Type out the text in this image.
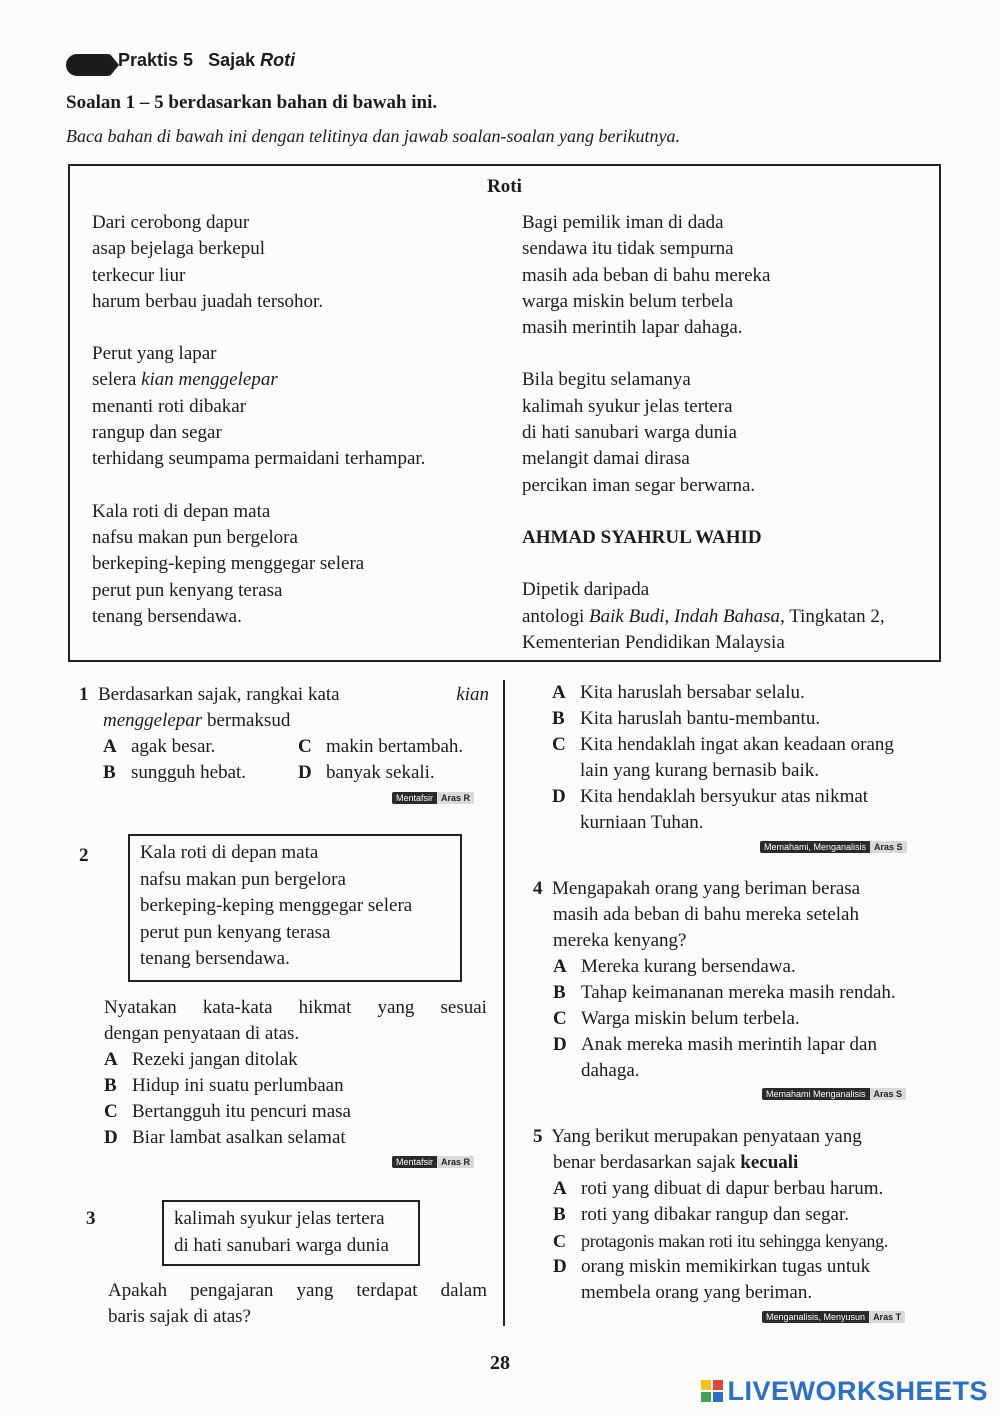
Praktis 5 Sajak Roti
Soalan 1 – 5 berdasarkan bahan di bawah ini.
Baca bahan di bawah ini dengan telitinya dan jawab soalan-soalan yang berikutnya.
Roti
Dari cerobong dapur
asap bejelaga berkepul
terkecur liur
harum berbau juadah tersohor.
Perut yang lapar
selera kian menggelepar
menanti roti dibakar
rangup dan segar
terhidang seumpama permaidani terhampar.
Kala roti di depan mata
nafsu makan pun bergelora
berkeping-keping menggegar selera
perut pun kenyang terasa
tenang bersendawa.
Bagi pemilik iman di dada
sendawa itu tidak sempurna
masih ada beban di bahu mereka
warga miskin belum terbela
masih merintih lapar dahaga.
Bila begitu selamanya
kalimah syukur jelas tertera
di hati sanubari warga dunia
melangit damai dirasa
percikan iman segar berwarna.
AHMAD SYAHRUL WAHID
Dipetik daripada
antologi Baik Budi, Indah Bahasa, Tingkatan 2,
Kementerian Pendidikan Malaysia
1 Berdasarkan sajak, rangkai kata	kian
menggelepar bermaksud
A agak besar.	C makin bertambah.
B sungguh hebat.	D banyak sekali.
Mentafsir Aras R
2	Kala roti di depan mata
nafsu makan pun bergelora
berkeping-keping menggegar selera
perut pun kenyang terasa
tenang bersendawa.
Nyatakan kata-kata hikmat yang sesuai
dengan penyataan di atas.
A Rezeki jangan ditolak
B Hidup ini suatu perlumbaan
C Bertangguh itu pencuri masa
D Biar lambat asalkan selamat
Mentafsir Aras R
3	kalimah syukur jelas tertera
di hati sanubari warga dunia
Apakah pengajaran yang terdapat dalam
baris sajak di atas?
A Kita haruslah bersabar selalu.
B Kita haruslah bantu-membantu.
C Kita hendaklah ingat akan keadaan orang
lain yang kurang bernasib baik.
D Kita hendaklah bersyukur atas nikmat
kurniaan Tuhan.
Memahami, Menganalisis Aras S
4 Mengapakah orang yang beriman berasa
masih ada beban di bahu mereka setelah
mereka kenyang?
A Mereka kurang bersendawa.
B Tahap keimananan mereka masih rendah.
C Warga miskin belum terbela.
D Anak mereka masih merintih lapar dan
dahaga.
Memahami Menganalisis Aras S
5 Yang berikut merupakan penyataan yang
benar berdasarkan sajak kecuali
A roti yang dibuat di dapur berbau harum.
B roti yang dibakar rangup dan segar.
C protagonis makan roti itu sehingga kenyang.
D orang miskin memikirkan tugas untuk
membela orang yang beriman.
Menganalisis, Menyusun Aras T
28
LIVEWORKSHEETS
